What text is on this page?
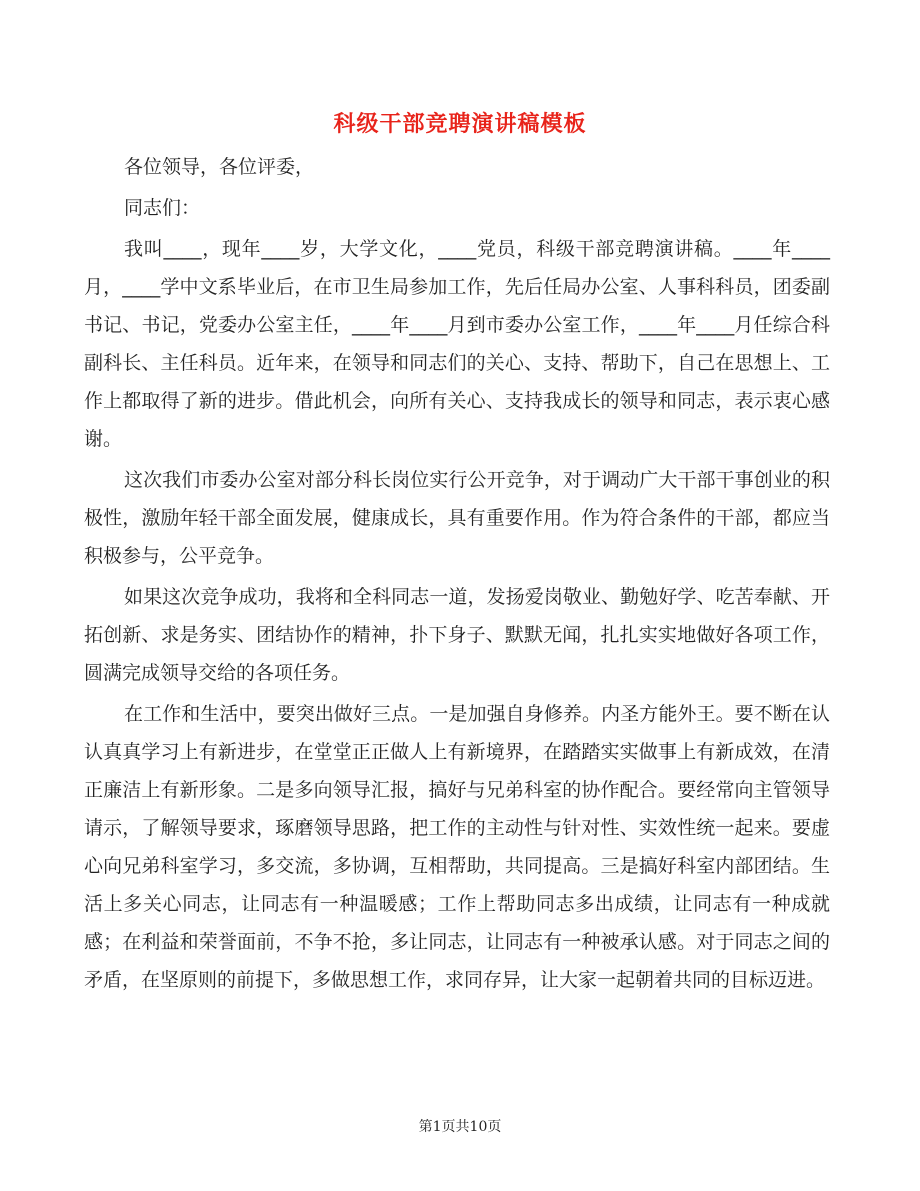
科级干部竞聘演讲稿模板

各位领导，各位评委，

同志们：

我叫____，现年____岁，大学文化，____党员，科级干部竞聘演讲稿。____年____月，____学中文系毕业后，在市卫生局参加工作，先后任局办公室、人事科科员，团委副书记、书记，党委办公室主任，____年____月到市委办公室工作，____年____月任综合科副科长、主任科员。近年来，在领导和同志们的关心、支持、帮助下，自己在思想上、工作上都取得了新的进步。借此机会，向所有关心、支持我成长的领导和同志，表示衷心感谢。

这次我们市委办公室对部分科长岗位实行公开竞争，对于调动广大干部干事创业的积极性，激励年轻干部全面发展，健康成长，具有重要作用。作为符合条件的干部，都应当积极参与，公平竞争。

如果这次竞争成功，我将和全科同志一道，发扬爱岗敬业、勤勉好学、吃苦奉献、开拓创新、求是务实、团结协作的精神，扑下身子、默默无闻，扎扎实实地做好各项工作，圆满完成领导交给的各项任务。

在工作和生活中，要突出做好三点。一是加强自身修养。内圣方能外王。要不断在认认真真学习上有新进步，在堂堂正正做人上有新境界，在踏踏实实做事上有新成效，在清正廉洁上有新形象。二是多向领导汇报，搞好与兄弟科室的协作配合。要经常向主管领导请示，了解领导要求，琢磨领导思路，把工作的主动性与针对性、实效性统一起来。要虚心向兄弟科室学习，多交流，多协调，互相帮助，共同提高。三是搞好科室内部团结。生活上多关心同志，让同志有一种温暖感；工作上帮助同志多出成绩，让同志有一种成就感；在利益和荣誉面前，不争不抢，多让同志，让同志有一种被承认感。对于同志之间的矛盾，在坚原则的前提下，多做思想工作，求同存异，让大家一起朝着共同的目标迈进。

第1页共10页
